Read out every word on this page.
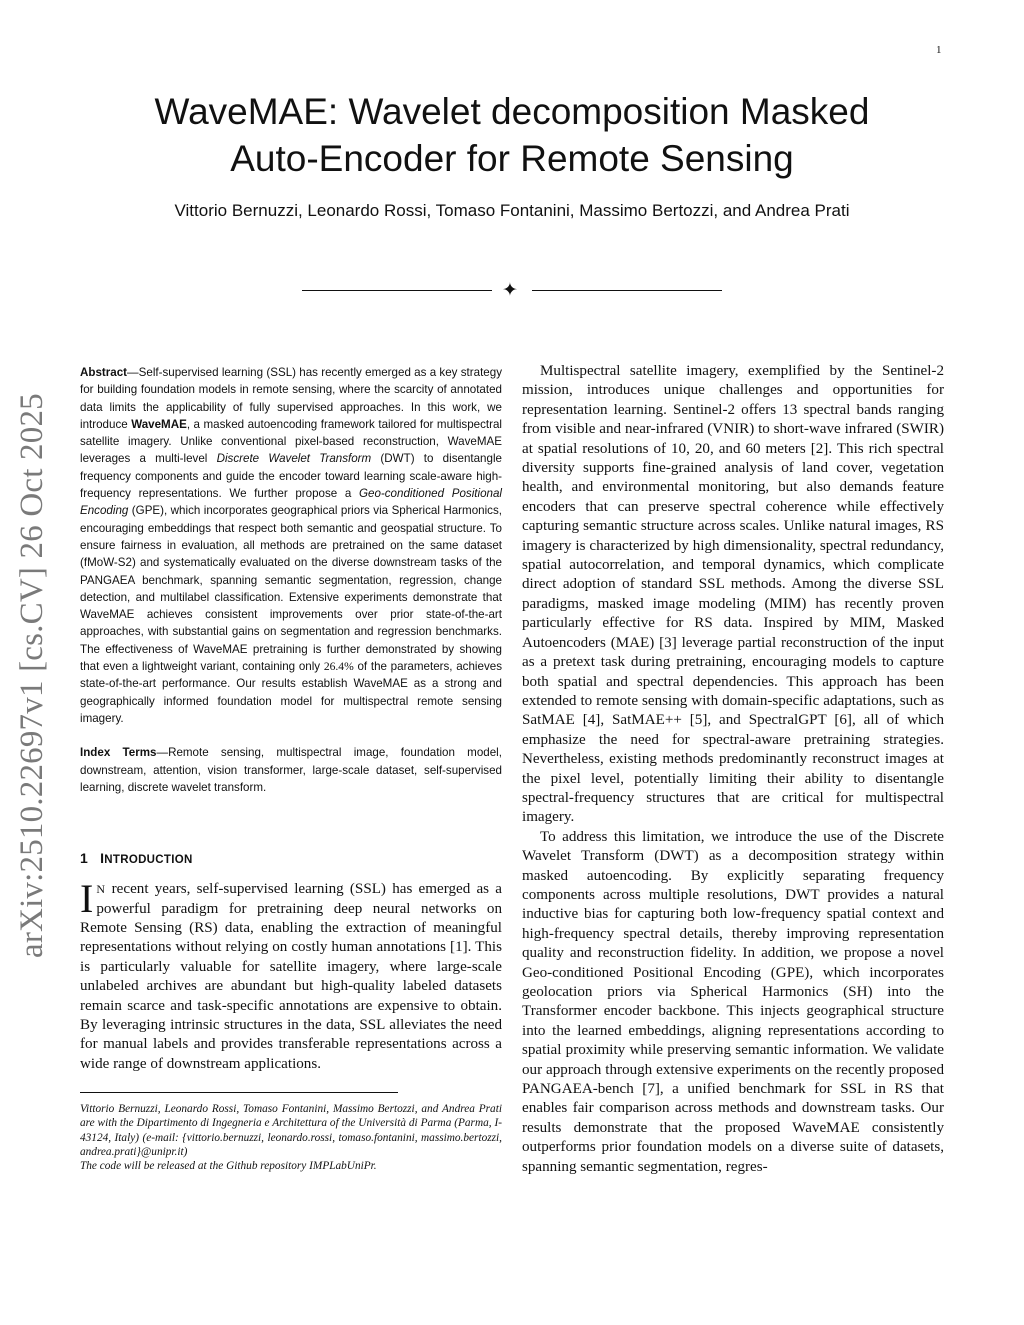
1
WaveMAE: Wavelet decomposition Masked
Auto-Encoder for Remote Sensing
Vittorio Bernuzzi, Leonardo Rossi, Tomaso Fontanini, Massimo Bertozzi, and Andrea Prati
✦
arXiv:2510.22697v1 [cs.CV] 26 Oct 2025

Abstract—Self-supervised learning (SSL) has recently emerged as a key strategy for building foundation models in remote sensing, where the scarcity of annotated data limits the applicability of fully supervised approaches. In this work, we introduce WaveMAE, a masked autoencoding framework tailored for multispectral satellite imagery. Unlike conventional pixel-based reconstruction, WaveMAE leverages a multi-level Discrete Wavelet Transform (DWT) to disentangle frequency components and guide the encoder toward learning scale-aware high-frequency representations. We further propose a Geo-conditioned Positional Encoding (GPE), which incorporates geographical priors via Spherical Harmonics, encouraging embeddings that respect both semantic and geospatial structure. To ensure fairness in evaluation, all methods are pretrained on the same dataset (fMoW-S2) and systematically evaluated on the diverse downstream tasks of the PANGAEA benchmark, spanning semantic segmentation, regression, change detection, and multilabel classification. Extensive experiments demonstrate that WaveMAE achieves consistent improvements over prior state-of-the-art approaches, with substantial gains on segmentation and regression benchmarks. The effectiveness of WaveMAE pretraining is further demonstrated by showing that even a lightweight variant, containing only 26.4% of the parameters, achieves state-of-the-art performance. Our results establish WaveMAE as a strong and geographically informed foundation model for multispectral remote sensing imagery.

Index Terms—Remote sensing, multispectral image, foundation model, downstream, attention, vision transformer, large-scale dataset, self-supervised learning, discrete wavelet transform.

1 INTRODUCTION

I N recent years, self-supervised learning (SSL) has emerged as a powerful paradigm for pretraining deep neural networks on Remote Sensing (RS) data, enabling the extraction of meaningful representations without relying on costly human annotations [1]. This is particularly valuable for satellite imagery, where large-scale unlabeled archives are abundant but high-quality labeled datasets remain scarce and task-specific annotations are expensive to obtain. By leveraging intrinsic structures in the data, SSL alleviates the need for manual labels and provides transferable representations across a wide range of downstream applications.

Vittorio Bernuzzi, Leonardo Rossi, Tomaso Fontanini, Massimo Bertozzi, and Andrea Prati are with the Dipartimento di Ingegneria e Architettura of the Università di Parma (Parma, I-43124, Italy) (e-mail: {vittorio.bernuzzi, leonardo.rossi, tomaso.fontanini, massimo.bertozzi, andrea.prati}@unipr.it)

The code will be released at the Github repository IMPLabUniPr.

Multispectral satellite imagery, exemplified by the Sentinel-2 mission, introduces unique challenges and opportunities for representation learning. Sentinel-2 offers 13 spectral bands ranging from visible and near-infrared (VNIR) to short-wave infrared (SWIR) at spatial resolutions of 10, 20, and 60 meters [2]. This rich spectral diversity supports fine-grained analysis of land cover, vegetation health, and environmental monitoring, but also demands feature encoders that can preserve spectral coherence while effectively capturing semantic structure across scales. Unlike natural images, RS imagery is characterized by high dimensionality, spectral redundancy, spatial autocorrelation, and temporal dynamics, which complicate direct adoption of standard SSL methods. Among the diverse SSL paradigms, masked image modeling (MIM) has recently proven particularly effective for RS data. Inspired by MIM, Masked Autoencoders (MAE) [3] leverage partial reconstruction of the input as a pretext task during pretraining, encouraging models to capture both spatial and spectral dependencies. This approach has been extended to remote sensing with domain-specific adaptations, such as SatMAE [4], SatMAE++ [5], and SpectralGPT [6], all of which emphasize the need for spectral-aware pretraining strategies. Nevertheless, existing methods predominantly reconstruct images at the pixel level, potentially limiting their ability to disentangle spectral-frequency structures that are critical for multispectral imagery.

To address this limitation, we introduce the use of the Discrete Wavelet Transform (DWT) as a decomposition strategy within masked autoencoding. By explicitly separating frequency components across multiple resolutions, DWT provides a natural inductive bias for capturing both low-frequency spatial context and high-frequency spectral details, thereby improving representation quality and reconstruction fidelity. In addition, we propose a novel Geo-conditioned Positional Encoding (GPE), which incorporates geolocation priors via Spherical Harmonics (SH) into the Transformer encoder backbone. This injects geographical structure into the learned embeddings, aligning representations according to spatial proximity while preserving semantic information. We validate our approach through extensive experiments on the recently proposed PANGAEA-bench [7], a unified benchmark for SSL in RS that enables fair comparison across methods and downstream tasks. Our results demonstrate that the proposed WaveMAE consistently outperforms prior foundation models on a diverse suite of datasets, spanning semantic segmentation, regres-
